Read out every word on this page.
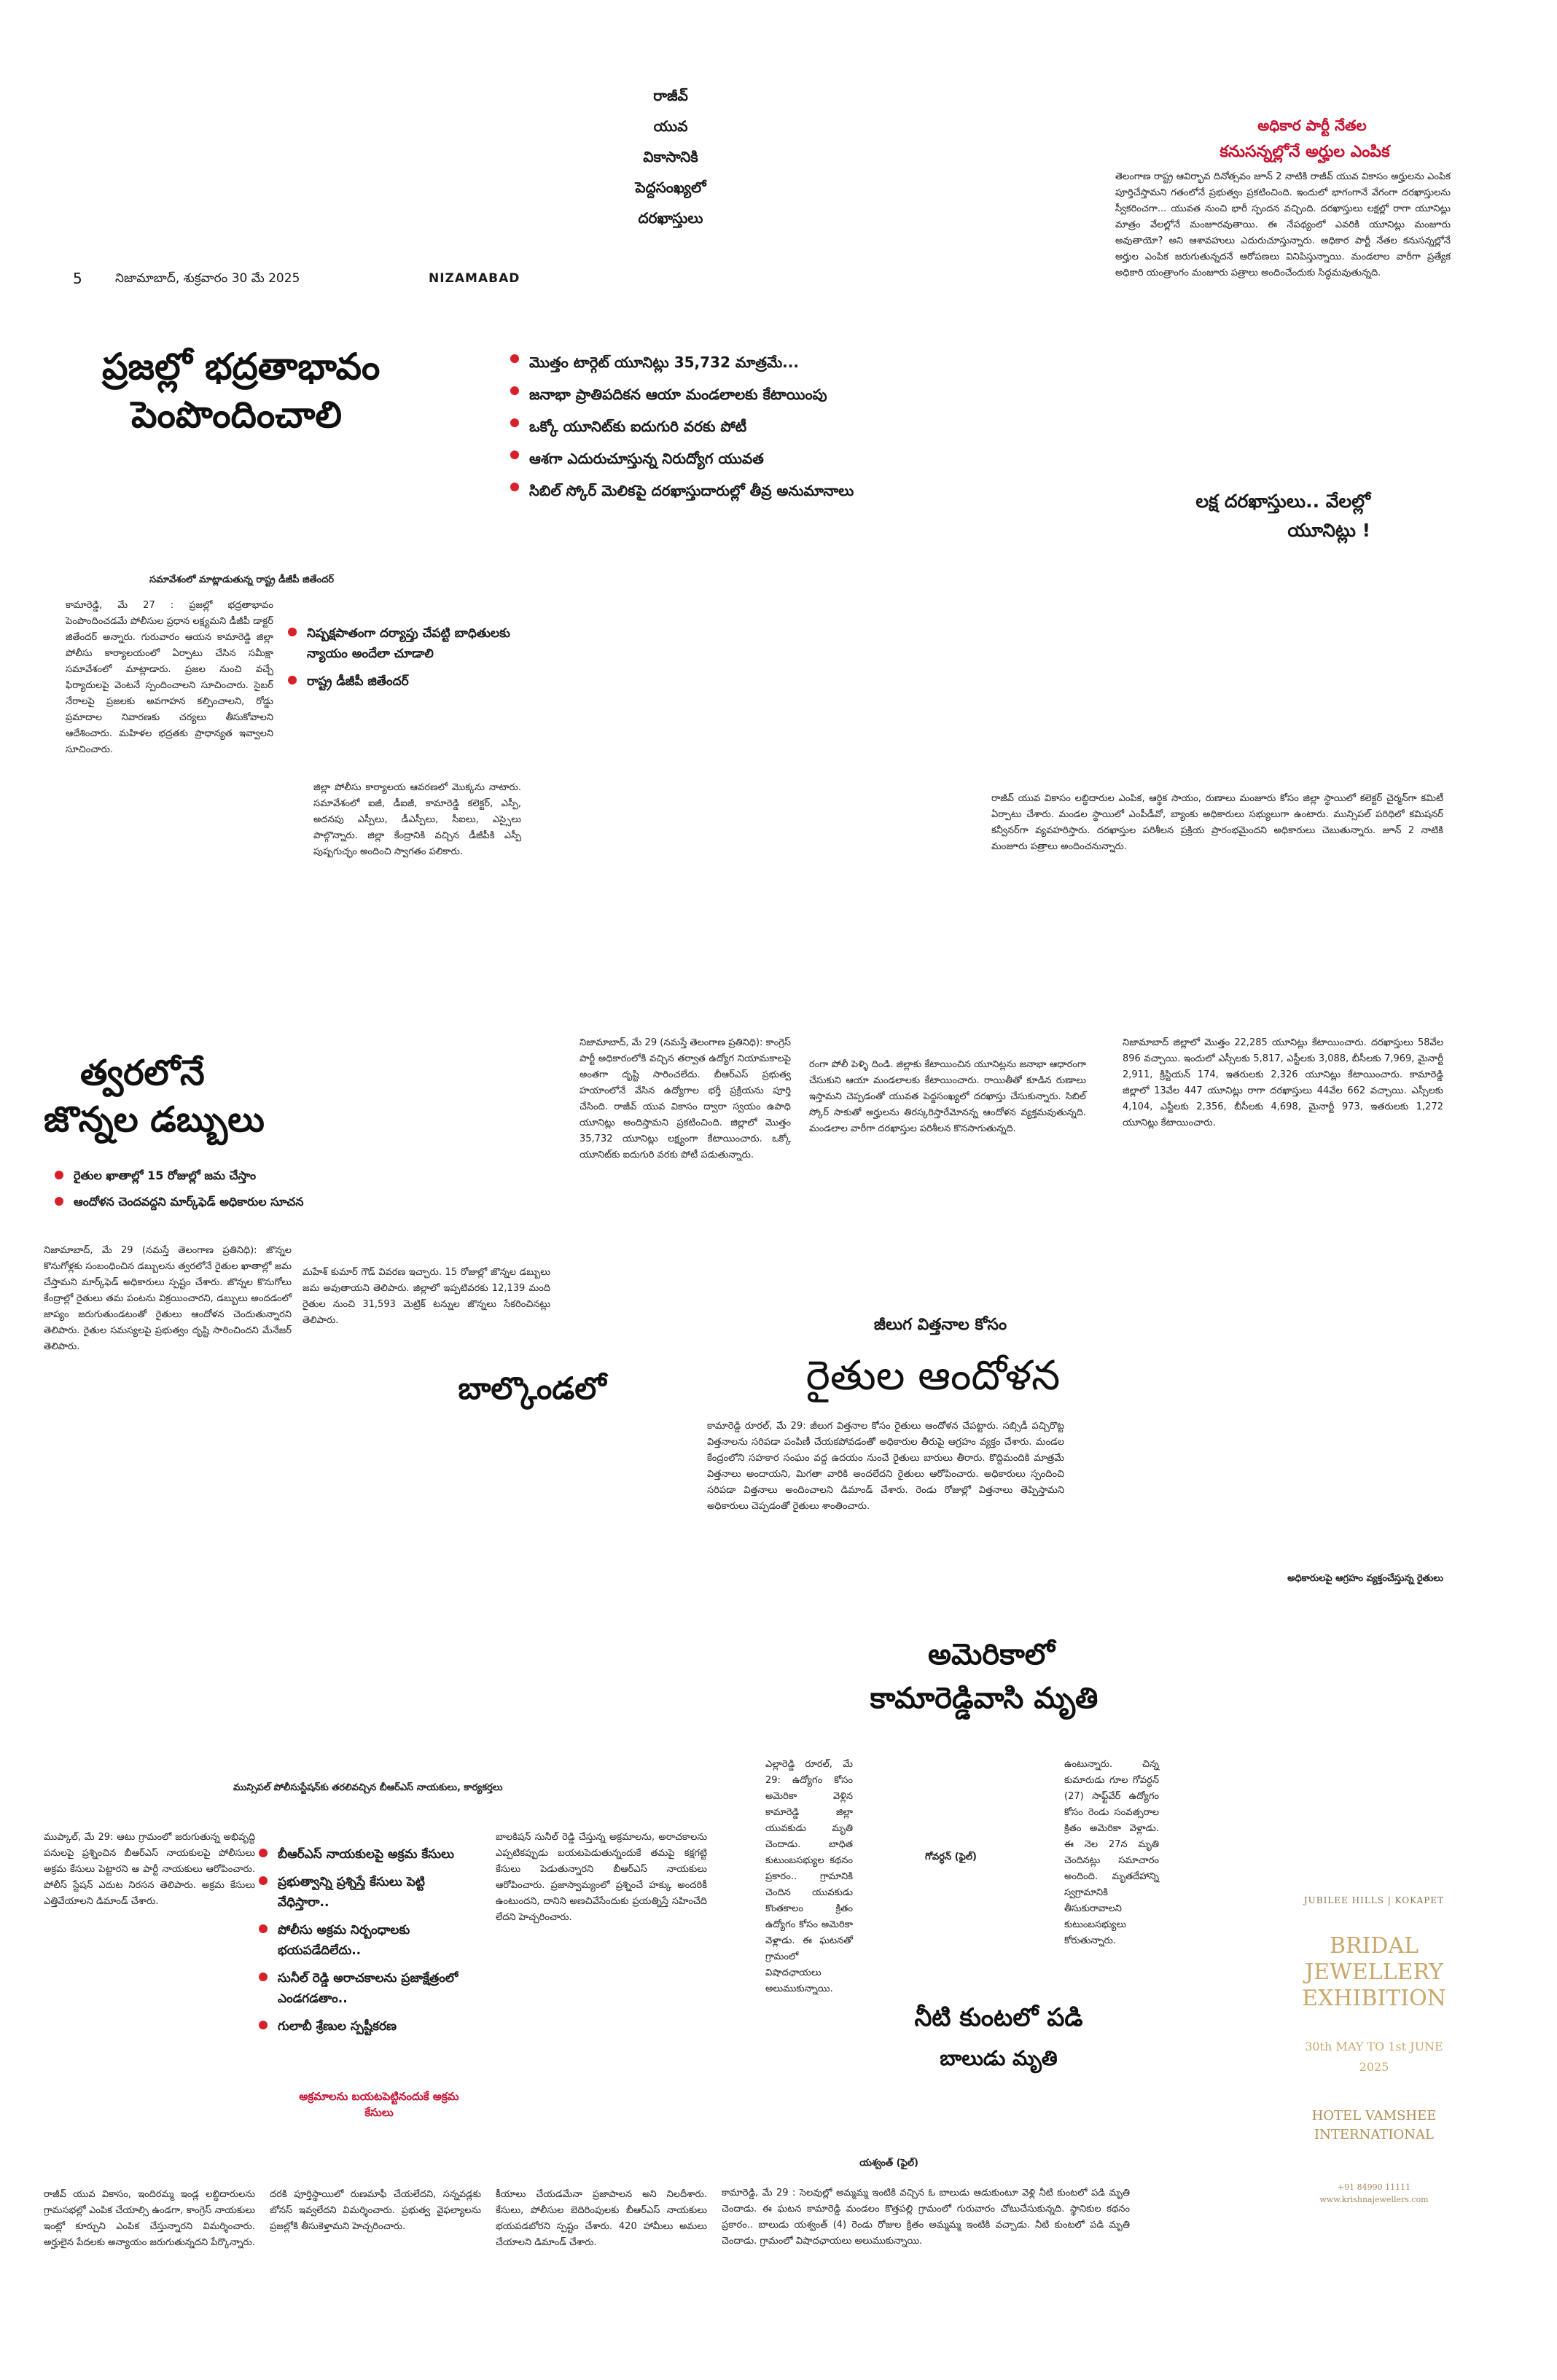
5	నిజామాబాద్, శుక్రవారం 30 మే 2025	NIZAMABAD
రాజీవ్
యువ
వికాసానికి
పెద్దసంఖ్యలో
దరఖాస్తులు
మొత్తం టార్గెట్ యూనిట్లు 35,732 మాత్రమే...
జనాభా ప్రాతిపదికన ఆయా మండలాలకు కేటాయింపు
ఒక్కో యూనిట్‌కు ఐదుగురి వరకు పోటీ
ఆశగా ఎదురుచూస్తున్న నిరుద్యోగ యువత
సిబిల్ స్కోర్ మెలికపై దరఖాస్తుదారుల్లో తీవ్ర అనుమానాలు
అధికార పార్టీ నేతల
కనుసన్నల్లోనే అర్హుల ఎంపిక
తెలంగాణ రాష్ట్ర ఆవిర్భావ దినోత్సవం జూన్ 2 నాటికి రాజీవ్ యువ వికాసం అర్హులను ఎంపిక పూర్తిచేస్తామని గతంలోనే ప్రభుత్వం ప్రకటించింది. ఇందులో భాగంగానే వేగంగా దరఖాస్తులను స్వీకరించగా... యువత నుంచి భారీ స్పందన వచ్చింది. దరఖాస్తులు లక్షల్లో రాగా యూనిట్లు మాత్రం వేలల్లోనే మంజూరవుతాయి. ఈ నేపథ్యంలో ఎవరికి యూనిట్లు మంజూరు అవుతాయో? అని ఆశావహులు ఎదురుచూస్తున్నారు. అధికార పార్టీ నేతల కనుసన్నల్లోనే అర్హుల ఎంపిక జరుగుతున్నదనే ఆరోపణలు వినిపిస్తున్నాయి. మండలాల వారీగా ప్రత్యేక అధికారి యంత్రాంగం మంజూరు పత్రాలు అందించేందుకు సిద్ధమవుతున్నది.
లక్ష దరఖాస్తులు.. వేలల్లో యూనిట్లు !
ప్రజల్లో భద్రతాభావం
పెంపొందించాలి
సమావేశంలో మాట్లాడుతున్న రాష్ట్ర డీజీపీ జితేందర్
కామారెడ్డి, మే 27 : ప్రజల్లో భద్రతాభావం పెంపొందించడమే పోలీసుల ప్రధాన లక్ష్యమని డీజీపీ డాక్టర్ జితేందర్ అన్నారు. గురువారం ఆయన కామారెడ్డి జిల్లా పోలీసు కార్యాలయంలో ఏర్పాటు చేసిన సమీక్షా సమావేశంలో మాట్లాడారు. ప్రజల నుంచి వచ్చే ఫిర్యాదులపై వెంటనే స్పందించాలని సూచించారు. సైబర్ నేరాలపై ప్రజలకు అవగాహన కల్పించాలని, రోడ్డు ప్రమాదాల నివారణకు చర్యలు తీసుకోవాలని ఆదేశించారు. మహిళల భద్రతకు ప్రాధాన్యత ఇవ్వాలని సూచించారు.
నిష్పక్షపాతంగా దర్యాప్తు చేపట్టి బాధితులకు న్యాయం అందేలా చూడాలి
రాష్ట్ర డీజీపీ జితేందర్
జిల్లా పోలీసు కార్యాలయ ఆవరణలో మొక్కను నాటారు. సమావేశంలో ఐజీ, డీఐజీ, కామారెడ్డి కలెక్టర్, ఎస్పీ, అదనపు ఎస్పీలు, డీఎస్పీలు, సీఐలు, ఎస్సైలు పాల్గొన్నారు. జిల్లా కేంద్రానికి వచ్చిన డీజీపీకి ఎస్పీ పుష్పగుచ్ఛం అందించి స్వాగతం పలికారు.
నిజామాబాద్, మే 29 (నమస్తే తెలంగాణ ప్రతినిధి): కాంగ్రెస్ పార్టీ అధికారంలోకి వచ్చిన తర్వాత ఉద్యోగ నియామకాలపై అంతగా దృష్టి సారించలేదు. బీఆర్‌ఎస్ ప్రభుత్వ హయాంలోనే వేసిన ఉద్యోగాల భర్తీ ప్రక్రియను పూర్తి చేసింది. రాజీవ్ యువ వికాసం ద్వారా స్వయం ఉపాధి యూనిట్లు అందిస్తామని ప్రకటించింది. జిల్లాలో మొత్తం 35,732 యూనిట్లు లక్ష్యంగా కేటాయించారు. ఒక్కో యూనిట్‌కు ఐదుగురి వరకు పోటీ పడుతున్నారు.
రంగా పోలీ పెళ్ళి దిండి. జిల్లాకు కేటాయించిన యూనిట్లను జనాభా ఆధారంగా చేసుకుని ఆయా మండలాలకు కేటాయించారు. రాయితీతో కూడిన రుణాలు ఇస్తామని చెప్పడంతో యువత పెద్దసంఖ్యలో దరఖాస్తు చేసుకున్నారు. సిబిల్ స్కోర్ సాకుతో అర్హులను తిరస్కరిస్తారేమోనన్న ఆందోళన వ్యక్తమవుతున్నది. మండలాల వారీగా దరఖాస్తుల పరిశీలన కొనసాగుతున్నది.
రాజీవ్ యువ వికాసం లబ్ధిదారుల ఎంపిక, ఆర్థిక సాయం, రుణాలు మంజూరు కోసం జిల్లా స్థాయిలో కలెక్టర్ చైర్మన్‌గా కమిటీ ఏర్పాటు చేశారు. మండల స్థాయిలో ఎంపీడీవో, బ్యాంకు అధికారులు సభ్యులుగా ఉంటారు. మున్సిపల్ పరిధిలో కమిషనర్ కన్వీనర్‌గా వ్యవహరిస్తారు. దరఖాస్తుల పరిశీలన ప్రక్రియ ప్రారంభమైందని అధికారులు చెబుతున్నారు. జూన్ 2 నాటికి మంజూరు పత్రాలు అందించనున్నారు.
నిజామాబాద్ జిల్లాలో మొత్తం 22,285 యూనిట్లు కేటాయించారు. దరఖాస్తులు 58వేల 896 వచ్చాయి. ఇందులో ఎస్సీలకు 5,817, ఎస్టీలకు 3,088, బీసీలకు 7,969, మైనార్టీ 2,911, క్రిస్టియన్ 174, ఇతరులకు 2,326 యూనిట్లు కేటాయించారు. కామారెడ్డి జిల్లాలో 13వేల 447 యూనిట్లు రాగా దరఖాస్తులు 44వేల 662 వచ్చాయి. ఎస్సీలకు 4,104, ఎస్టీలకు 2,356, బీసీలకు 4,698, మైనార్టీ 973, ఇతరులకు 1,272 యూనిట్లు కేటాయించారు.
త్వరలోనే
జొన్నల డబ్బులు
రైతుల ఖాతాల్లో 15 రోజుల్లో జమ చేస్తాం
ఆందోళన చెందవద్దని మార్క్‌ఫెడ్ అధికారుల సూచన
నిజామాబాద్, మే 29 (నమస్తే తెలంగాణ ప్రతినిధి): జొన్నల కొనుగోళ్లకు సంబంధించిన డబ్బులను త్వరలోనే రైతుల ఖాతాల్లో జమ చేస్తామని మార్క్‌ఫెడ్ అధికారులు స్పష్టం చేశారు. జొన్నల కొనుగోలు కేంద్రాల్లో రైతులు తమ పంటను విక్రయించారని, డబ్బులు అందడంలో జాప్యం జరుగుతుండటంతో రైతులు ఆందోళన చెందుతున్నారని తెలిపారు. రైతుల సమస్యలపై ప్రభుత్వం దృష్టి సారించిందని మేనేజర్ తెలిపారు.
మహేశ్ కుమార్ గౌడ్ వివరణ ఇచ్చారు. 15 రోజుల్లో జొన్నల డబ్బులు జమ అవుతాయని తెలిపారు. జిల్లాలో ఇప్పటివరకు 12,139 మంది రైతుల నుంచి 31,593 మెట్రిక్ టన్నుల జొన్నలు సేకరించినట్లు తెలిపారు.
బాల్కొండలో
జీలుగ విత్తనాల కోసం
రైతుల ఆందోళన
కామారెడ్డి రూరల్, మే 29: జీలుగ విత్తనాల కోసం రైతులు ఆందోళన చేపట్టారు. సబ్సిడీ పచ్చిరొట్ట విత్తనాలను సరిపడా పంపిణీ చేయకపోవడంతో అధికారుల తీరుపై ఆగ్రహం వ్యక్తం చేశారు. మండల కేంద్రంలోని సహకార సంఘం వద్ద ఉదయం నుంచే రైతులు బారులు తీరారు. కొద్దిమందికి మాత్రమే విత్తనాలు అందాయని, మిగతా వారికి అందలేదని రైతులు ఆరోపించారు. అధికారులు స్పందించి సరిపడా విత్తనాలు అందించాలని డిమాండ్ చేశారు. రెండు రోజుల్లో విత్తనాలు తెప్పిస్తామని అధికారులు చెప్పడంతో రైతులు శాంతించారు.
అధికారులపై ఆగ్రహం వ్యక్తంచేస్తున్న రైతులు
అమెరికాలో
కామారెడ్డివాసి మృతి
ఎల్లారెడ్డి రూరల్, మే 29: ఉద్యోగం కోసం అమెరికా వెళ్లిన కామారెడ్డి జిల్లా యువకుడు మృతి చెందాడు. బాధిత కుటుంబసభ్యుల కథనం ప్రకారం.. గ్రామానికి చెందిన యువకుడు కొంతకాలం క్రితం ఉద్యోగం కోసం అమెరికా వెళ్లాడు. ఈ ఘటనతో గ్రామంలో విషాదఛాయలు అలుముకున్నాయి.
గోవర్ధన్ (ఫైల్)
ఉంటున్నారు. చిన్న కుమారుడు గూల గోవర్ధన్ (27) సాఫ్ట్‌వేర్ ఉద్యోగం కోసం రెండు సంవత్సరాల క్రితం అమెరికా వెళ్లాడు. ఈ నెల 27న మృతి చెందినట్లు సమాచారం అందింది. మృతదేహాన్ని స్వగ్రామానికి తీసుకురావాలని కుటుంబసభ్యులు కోరుతున్నారు.
మున్సిపల్ పోలీసుస్టేషన్‌కు తరలివచ్చిన బీఆర్‌ఎస్ నాయకులు, కార్యకర్తలు
ముప్కాల్, మే 29: ఆటు గ్రామంలో జరుగుతున్న అభివృద్ధి పనులపై ప్రశ్నించిన బీఆర్‌ఎస్ నాయకులపై పోలీసులు అక్రమ కేసులు పెట్టారని ఆ పార్టీ నాయకులు ఆరోపించారు. పోలీస్ స్టేషన్ ఎదుట నిరసన తెలిపారు. అక్రమ కేసులు ఎత్తివేయాలని డిమాండ్ చేశారు.
బీఆర్‌ఎస్ నాయకులపై అక్రమ కేసులు
ప్రభుత్వాన్ని ప్రశ్నిస్తే కేసులు పెట్టి వేధిస్తారా..
పోలీసు అక్రమ నిర్బంధాలకు భయపడేదిలేదు..
సునీల్ రెడ్డి అరాచకాలను ప్రజాక్షేత్రంలో ఎండగడతాం..
గులాబీ శ్రేణుల స్పష్టీకరణ
అక్రమాలను బయటపెట్టినందుకే అక్రమ కేసులు
బాలకిషన్ సునీల్ రెడ్డి చేస్తున్న అక్రమాలను, అరాచకాలను ఎప్పటికప్పుడు బయటపెడుతున్నందుకే తమపై కక్షగట్టి కేసులు పెడుతున్నారని బీఆర్‌ఎస్ నాయకులు ఆరోపించారు. ప్రజాస్వామ్యంలో ప్రశ్నించే హక్కు అందరికీ ఉంటుందని, దానిని అణచివేసేందుకు ప్రయత్నిస్తే సహించేది లేదని హెచ్చరించారు.
నీటి కుంటలో పడి
బాలుడు మృతి
యశ్వంత్ (ఫైల్)
కామారెడ్డి, మే 29 : సెలవుల్లో అమ్మమ్మ ఇంటికి వచ్చిన ఓ బాలుడు ఆడుకుంటూ వెళ్లి నీటి కుంటలో పడి మృతి చెందాడు. ఈ ఘటన కామారెడ్డి మండలం కొత్తపల్లి గ్రామంలో గురువారం చోటుచేసుకున్నది. స్థానికుల కథనం ప్రకారం.. బాలుడు యశ్వంత్ (4) రెండు రోజుల క్రితం అమ్మమ్మ ఇంటికి వచ్చాడు. నీటి కుంటలో పడి మృతి చెందాడు. గ్రామంలో విషాదఛాయలు అలుముకున్నాయి.
రాజీవ్ యువ వికాసం, ఇందిరమ్మ ఇండ్ల లబ్ధిదారులను గ్రామసభల్లో ఎంపిక చేయాల్సి ఉండగా, కాంగ్రెస్ నాయకులు ఇంట్లో కూర్చుని ఎంపిక చేస్తున్నారని విమర్శించారు. అర్హులైన పేదలకు అన్యాయం జరుగుతున్నదని పేర్కొన్నారు.
దరకి పూర్తిస్థాయిలో రుణమాఫీ చేయలేదని, సన్నవడ్లకు బోనస్ ఇవ్వలేదని విమర్శించారు. ప్రభుత్వ వైఫల్యాలను ప్రజల్లోకి తీసుకెళ్తామని హెచ్చరించారు.
కీయాలు చేయడమేనా ప్రజాపాలన అని నిలదీశారు. కేసులు, పోలీసుల బెదిరింపులకు బీఆర్‌ఎస్ నాయకులు భయపడబోరని స్పష్టం చేశారు. 420 హామీలు అమలు చేయాలని డిమాండ్ చేశారు.
JUBILEE HILLS | KOKAPET
BRIDAL
JEWELLERY
EXHIBITION
30th MAY TO 1st JUNE 2025
HOTEL VAMSHEE
INTERNATIONAL
+91 84990 11111
www.krishnajewellers.com
